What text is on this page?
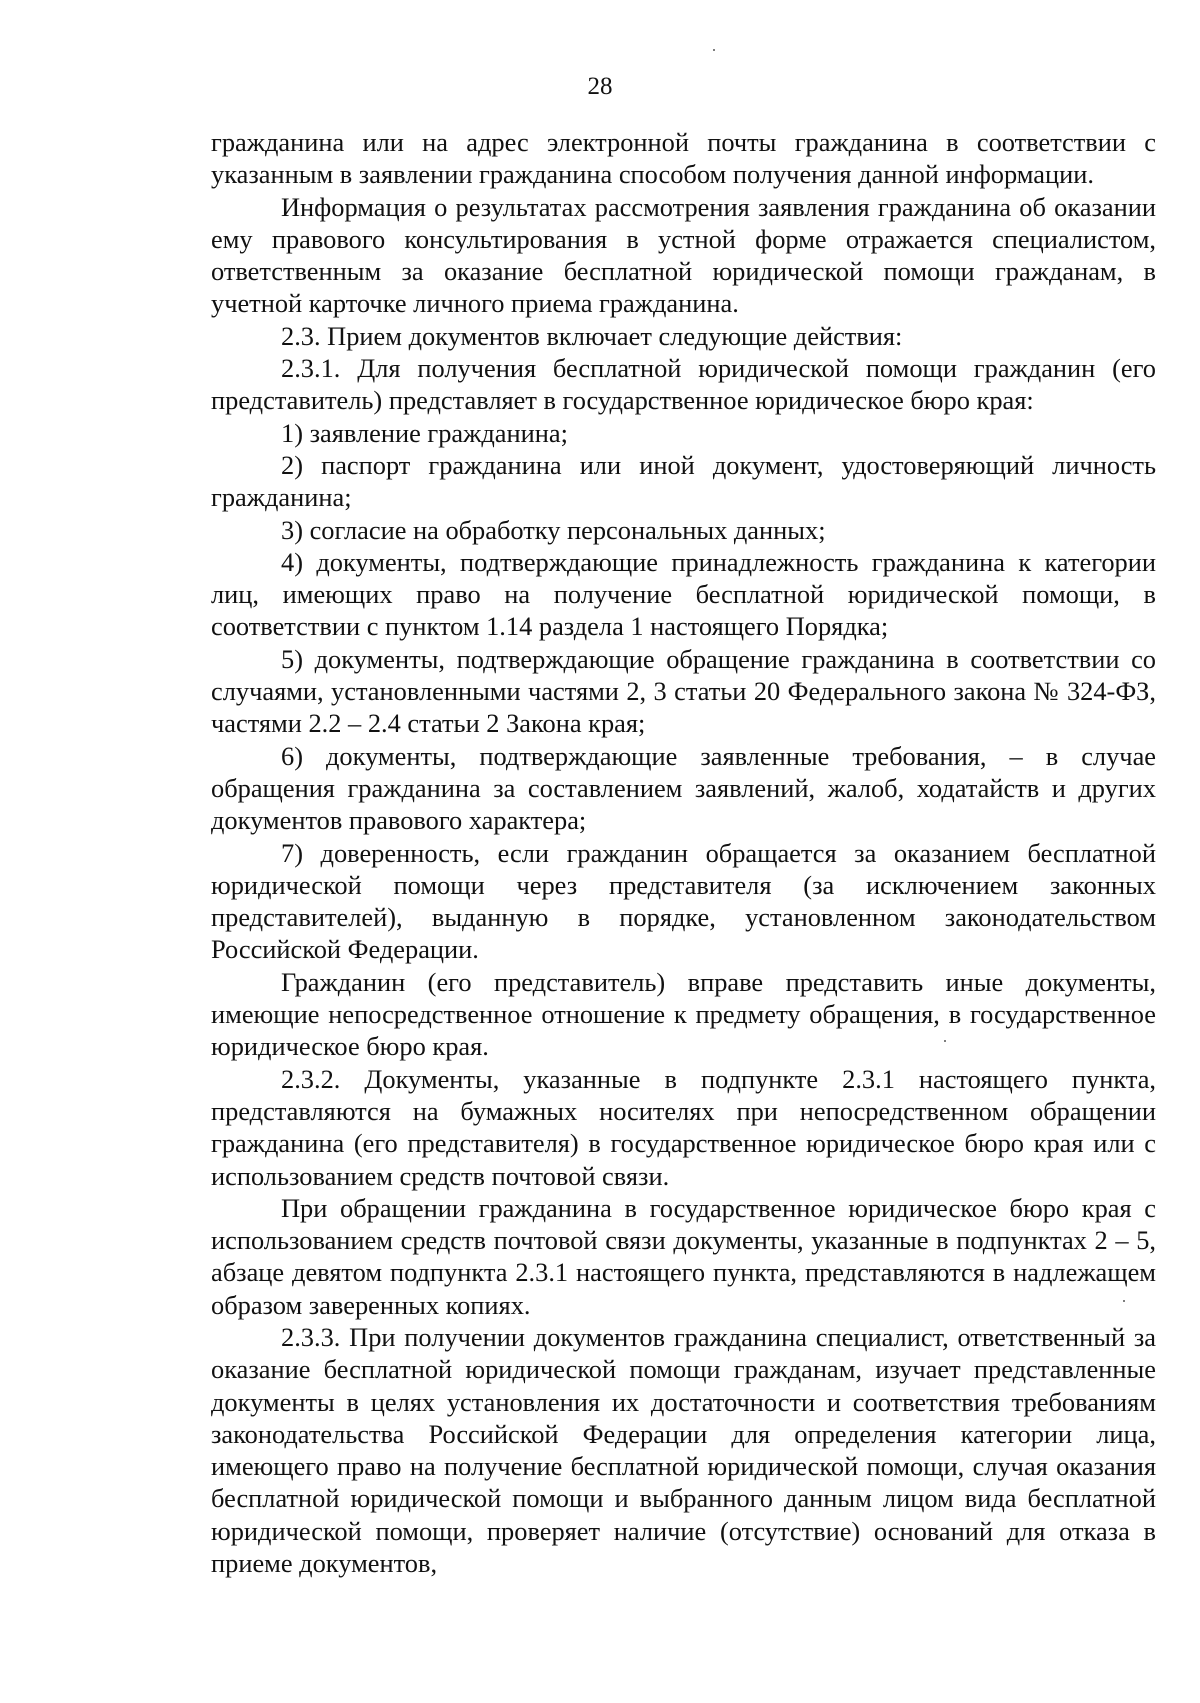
28

гражданина или на адрес электронной почты гражданина в соответствии с указанным в заявлении гражданина способом получения данной информации.

Информация о результатах рассмотрения заявления гражданина об оказании ему правового консультирования в устной форме отражается специалистом, ответственным за оказание бесплатной юридической помощи гражданам, в учетной карточке личного приема гражданина.

2.3. Прием документов включает следующие действия:

2.3.1. Для получения бесплатной юридической помощи гражданин (его представитель) представляет в государственное юридическое бюро края:

1) заявление гражданина;

2) паспорт гражданина или иной документ, удостоверяющий личность гражданина;

3) согласие на обработку персональных данных;

4) документы, подтверждающие принадлежность гражданина к категории лиц, имеющих право на получение бесплатной юридической помощи, в соответствии с пунктом 1.14 раздела 1 настоящего Порядка;

5) документы, подтверждающие обращение гражданина в соответствии со случаями, установленными частями 2, 3 статьи 20 Федерального закона № 324-ФЗ, частями 2.2 – 2.4 статьи 2 Закона края;

6) документы, подтверждающие заявленные требования, – в случае обращения гражданина за составлением заявлений, жалоб, ходатайств и других документов правового характера;

7) доверенность, если гражданин обращается за оказанием бесплатной юридической помощи через представителя (за исключением законных представителей), выданную в порядке, установленном законодательством Российской Федерации.

Гражданин (его представитель) вправе представить иные документы, имеющие непосредственное отношение к предмету обращения, в государственное юридическое бюро края.

2.3.2. Документы, указанные в подпункте 2.3.1 настоящего пункта, представляются на бумажных носителях при непосредственном обращении гражданина (его представителя) в государственное юридическое бюро края или с использованием средств почтовой связи.

При обращении гражданина в государственное юридическое бюро края с использованием средств почтовой связи документы, указанные в подпунктах 2 – 5, абзаце девятом подпункта 2.3.1 настоящего пункта, представляются в надлежащем образом заверенных копиях.

2.3.3. При получении документов гражданина специалист, ответственный за оказание бесплатной юридической помощи гражданам, изучает представленные документы в целях установления их достаточности и соответствия требованиям законодательства Российской Федерации для определения категории лица, имеющего право на получение бесплатной юридической помощи, случая оказания бесплатной юридической помощи и выбранного данным лицом вида бесплатной юридической помощи, проверяет наличие (отсутствие) оснований для отказа в приеме документов,
